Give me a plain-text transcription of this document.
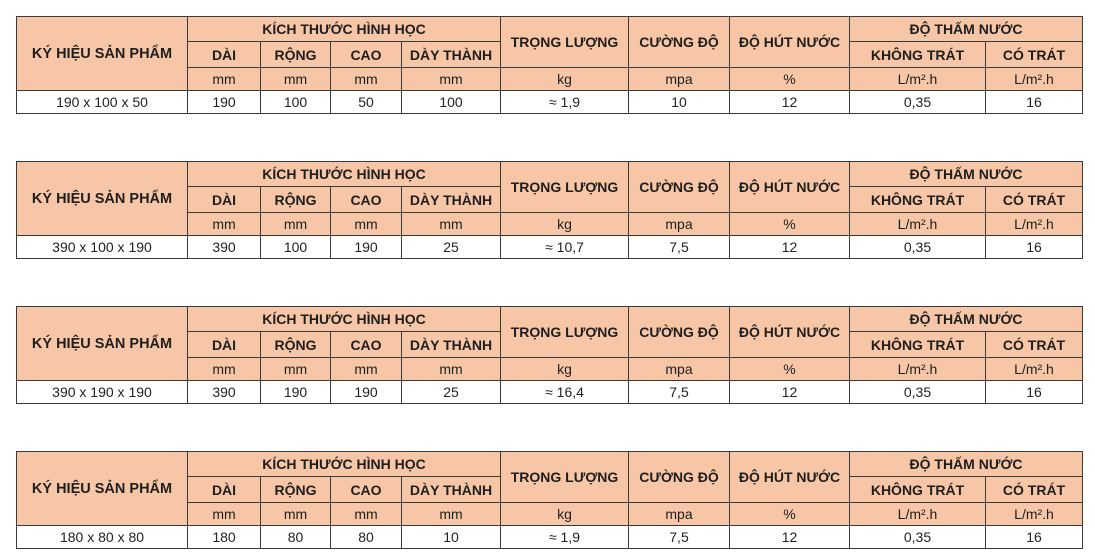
KÝ HIỆU SẢN PHẨM	KÍCH THƯỚC HÌNH HỌC				TRỌNG LƯỢNG	CƯỜNG ĐỘ	ĐỘ HÚT NƯỚC	ĐỘ THẤM NƯỚC	
	DÀI	RỘNG	CAO	DÀY THÀNH				KHÔNG TRÁT	CÓ TRÁT
	mm	mm	mm	mm	kg	mpa	%	L/m².h	L/m².h
190 x 100 x 50	190	100	50	100	≈ 1,9	10	12	0,35	16
KÝ HIỆU SẢN PHẨM	KÍCH THƯỚC HÌNH HỌC				TRỌNG LƯỢNG	CƯỜNG ĐỘ	ĐỘ HÚT NƯỚC	ĐỘ THẤM NƯỚC	
	DÀI	RỘNG	CAO	DÀY THÀNH				KHÔNG TRÁT	CÓ TRÁT
	mm	mm	mm	mm	kg	mpa	%	L/m².h	L/m².h
390 x 100 x 190	390	100	190	25	≈ 10,7	7,5	12	0,35	16
KÝ HIỆU SẢN PHẨM	KÍCH THƯỚC HÌNH HỌC				TRỌNG LƯỢNG	CƯỜNG ĐỘ	ĐỘ HÚT NƯỚC	ĐỘ THẤM NƯỚC	
	DÀI	RỘNG	CAO	DÀY THÀNH				KHÔNG TRÁT	CÓ TRÁT
	mm	mm	mm	mm	kg	mpa	%	L/m².h	L/m².h
390 x 190 x 190	390	190	190	25	≈ 16,4	7,5	12	0,35	16
KÝ HIỆU SẢN PHẨM	KÍCH THƯỚC HÌNH HỌC				TRỌNG LƯỢNG	CƯỜNG ĐỘ	ĐỘ HÚT NƯỚC	ĐỘ THẤM NƯỚC	
	DÀI	RỘNG	CAO	DÀY THÀNH				KHÔNG TRÁT	CÓ TRÁT
	mm	mm	mm	mm	kg	mpa	%	L/m².h	L/m².h
180 x 80 x 80	180	80	80	10	≈ 1,9	7,5	12	0,35	16
